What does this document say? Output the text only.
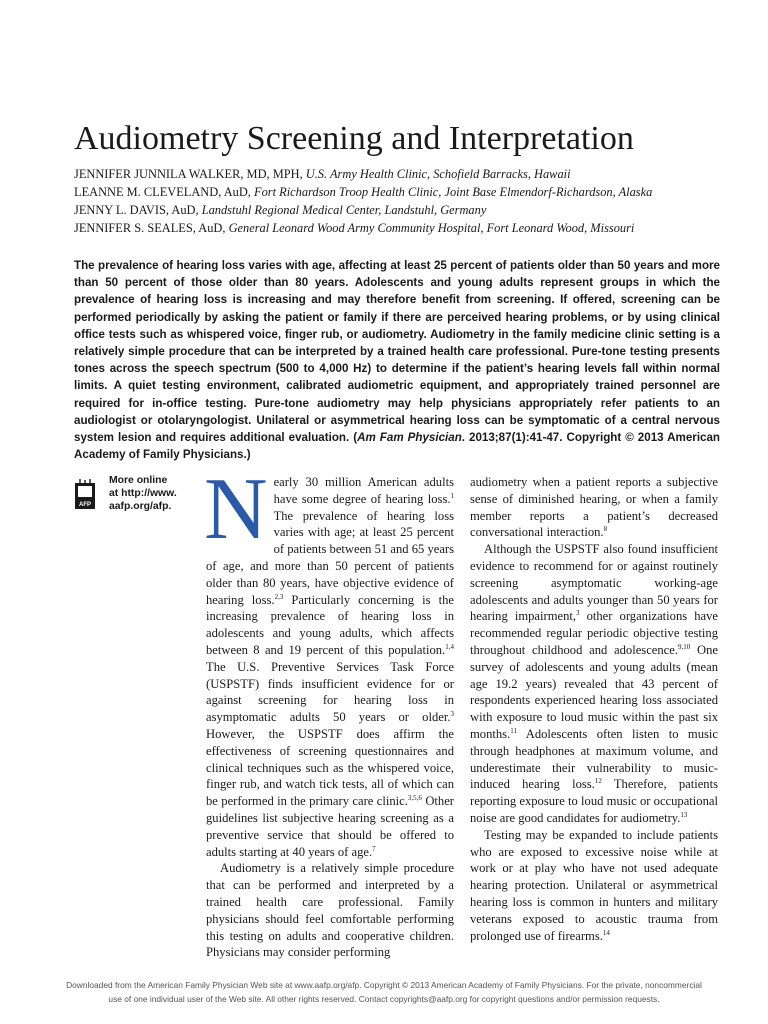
Audiometry Screening and Interpretation
JENNIFER JUNNILA WALKER, MD, MPH, U.S. Army Health Clinic, Schofield Barracks, Hawaii
LEANNE M. CLEVELAND, AuD, Fort Richardson Troop Health Clinic, Joint Base Elmendorf-Richardson, Alaska
JENNY L. DAVIS, AuD, Landstuhl Regional Medical Center, Landstuhl, Germany
JENNIFER S. SEALES, AuD, General Leonard Wood Army Community Hospital, Fort Leonard Wood, Missouri

The prevalence of hearing loss varies with age, affecting at least 25 percent of patients older than 50 years and more than 50 percent of those older than 80 years. Adolescents and young adults represent groups in which the prevalence of hearing loss is increasing and may therefore benefit from screening. If offered, screening can be performed periodically by asking the patient or family if there are perceived hearing problems, or by using clinical office tests such as whispered voice, finger rub, or audiometry. Audiometry in the family medicine clinic setting is a relatively simple procedure that can be interpreted by a trained health care professional. Pure-tone testing presents tones across the speech spectrum (500 to 4,000 Hz) to determine if the patient’s hearing levels fall within normal limits. A quiet testing environment, calibrated audiometric equipment, and appropriately trained personnel are required for in-office testing. Pure-tone audiometry may help physicians appropriately refer patients to an audiologist or otolaryngologist. Unilateral or asymmetrical hearing loss can be symptomatic of a central nervous system lesion and requires additional evaluation. (Am Fam Physician. 2013;87(1):41-47. Copyright © 2013 American Academy of Family Physicians.)

AFP
More online
at http://www.
aafp.org/afp. Nearly 30 million American adults have some degree of hearing loss.$^1$ The prevalence of hearing loss varies with age; at least 25 percent of patients between 51 and 65 years of age, and more than 50 percent of patients older than 80 years, have objective evidence of hearing loss.$^{2,3}$ Particularly concerning is the increasing prevalence of hearing loss in adolescents and young adults, which affects between 8 and 19 percent of this population.$^{1,4}$ The U.S. Preventive Services Task Force (USPSTF) finds insufficient evidence for or against screening for hearing loss in asymptomatic adults 50 years or older.$^3$ However, the USPSTF does affirm the effectiveness of screening questionnaires and clinical techniques such as the whispered voice, finger rub, and watch tick tests, all of which can be performed in the primary care clinic.$^{3,5,6}$ Other guidelines list subjective hearing screening as a preventive service that should be offered to adults starting at 40 years of age.$^7$

Audiometry is a relatively simple procedure that can be performed and interpreted by a trained health care professional. Family physicians should feel comfortable performing this testing on adults and cooperative children. Physicians may consider performing

audiometry when a patient reports a subjective sense of diminished hearing, or when a family member reports a patient’s decreased conversational interaction.$^8$

Although the USPSTF also found insufficient evidence to recommend for or against routinely screening asymptomatic working-age adolescents and adults younger than 50 years for hearing impairment,$^3$ other organizations have recommended regular periodic objective testing throughout childhood and adolescence.$^{9,10}$ One survey of adolescents and young adults (mean age 19.2 years) revealed that 43 percent of respondents experienced hearing loss associated with exposure to loud music within the past six months.$^{11}$ Adolescents often listen to music through headphones at maximum volume, and underestimate their vulnerability to music-induced hearing loss.$^{12}$ Therefore, patients reporting exposure to loud music or occupational noise are good candidates for audiometry.$^{13}$

Testing may be expanded to include patients who are exposed to excessive noise while at work or at play who have not used adequate hearing protection. Unilateral or asymmetrical hearing loss is common in hunters and military veterans exposed to acoustic trauma from prolonged use of firearms.$^{14}$

Downloaded from the American Family Physician Web site at www.aafp.org/afp. Copyright © 2013 American Academy of Family Physicians. For the private, noncommercial
use of one individual user of the Web site. All other rights reserved. Contact copyrights@aafp.org for copyright questions and/or permission requests.
